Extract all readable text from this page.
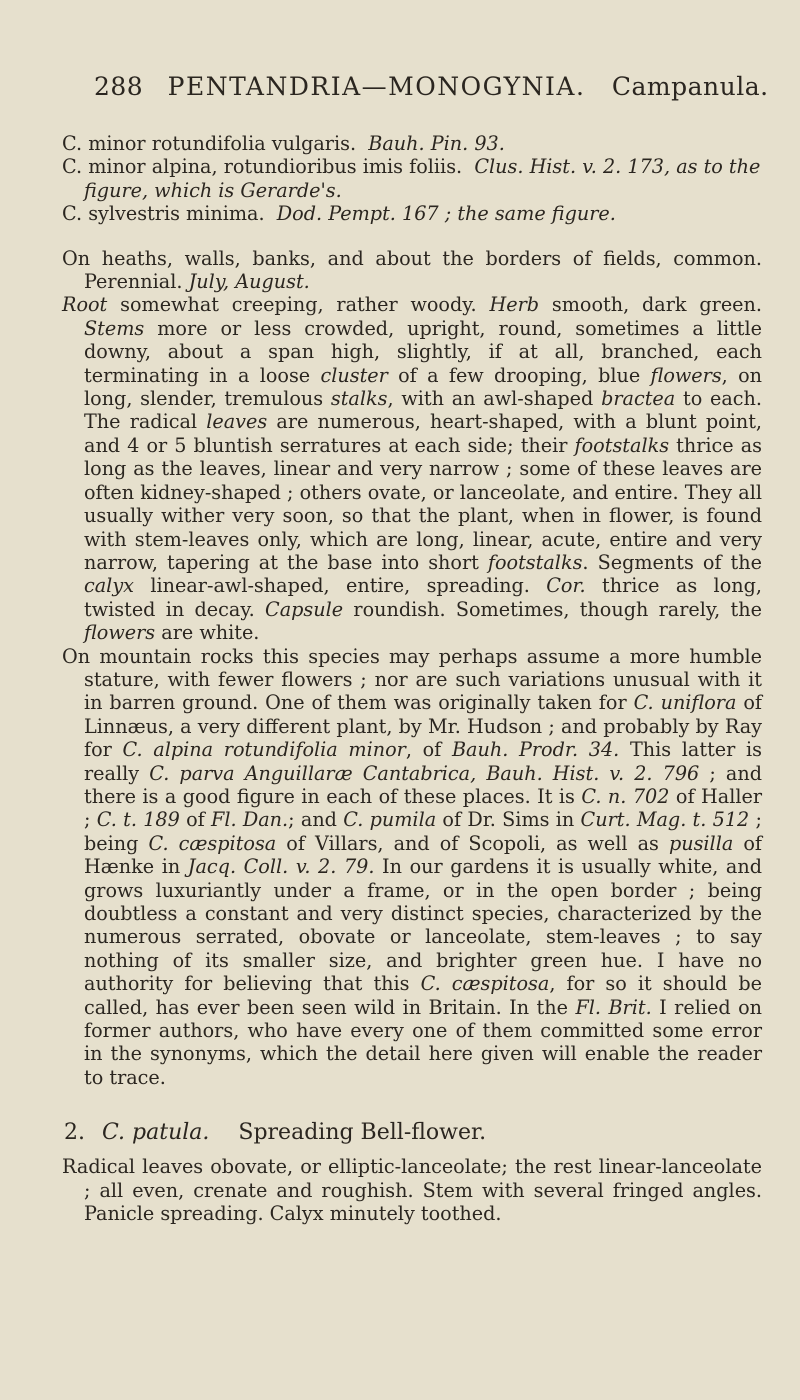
288 PENTANDRIA—MONOGYNIA. Campanula.

C. minor rotundifolia vulgaris. Bauh. Pin. 93.

C. minor alpina, rotundioribus imis foliis. Clus. Hist. v. 2. 173, as to the figure, which is Gerarde's.

C. sylvestris minima. Dod. Pempt. 167 ; the same figure.

On heaths, walls, banks, and about the borders of fields, common. Perennial. July, August.

Root somewhat creeping, rather woody. Herb smooth, dark green. Stems more or less crowded, upright, round, sometimes a little downy, about a span high, slightly, if at all, branched, each terminating in a loose cluster of a few drooping, blue flowers, on long, slender, tremulous stalks, with an awl-shaped bractea to each. The radical leaves are numerous, heart-shaped, with a blunt point, and 4 or 5 bluntish serratures at each side; their footstalks thrice as long as the leaves, linear and very narrow ; some of these leaves are often kidney-shaped ; others ovate, or lanceolate, and entire. They all usually wither very soon, so that the plant, when in flower, is found with stem-leaves only, which are long, linear, acute, entire and very narrow, tapering at the base into short footstalks. Segments of the calyx linear-awl-shaped, entire, spreading. Cor. thrice as long, twisted in decay. Capsule roundish. Sometimes, though rarely, the flowers are white.

On mountain rocks this species may perhaps assume a more humble stature, with fewer flowers ; nor are such variations unusual with it in barren ground. One of them was originally taken for C. uniflora of Linnæus, a very different plant, by Mr. Hudson ; and probably by Ray for C. alpina rotundifolia minor, of Bauh. Prodr. 34. This latter is really C. parva Anguillaræ Cantabrica, Bauh. Hist. v. 2. 796 ; and there is a good figure in each of these places. It is C. n. 702 of Haller ; C. t. 189 of Fl. Dan.; and C. pumila of Dr. Sims in Curt. Mag. t. 512 ; being C. cæspitosa of Villars, and of Scopoli, as well as pusilla of Hænke in Jacq. Coll. v. 2. 79. In our gardens it is usually white, and grows luxuriantly under a frame, or in the open border ; being doubtless a constant and very distinct species, characterized by the numerous serrated, obovate or lanceolate, stem-leaves ; to say nothing of its smaller size, and brighter green hue. I have no authority for believing that this C. cæspitosa, for so it should be called, has ever been seen wild in Britain. In the Fl. Brit. I relied on former authors, who have every one of them committed some error in the synonyms, which the detail here given will enable the reader to trace.

2. C. patula. Spreading Bell-flower.

Radical leaves obovate, or elliptic-lanceolate; the rest linear-lanceolate ; all even, crenate and roughish. Stem with several fringed angles. Panicle spreading. Calyx minutely toothed.
